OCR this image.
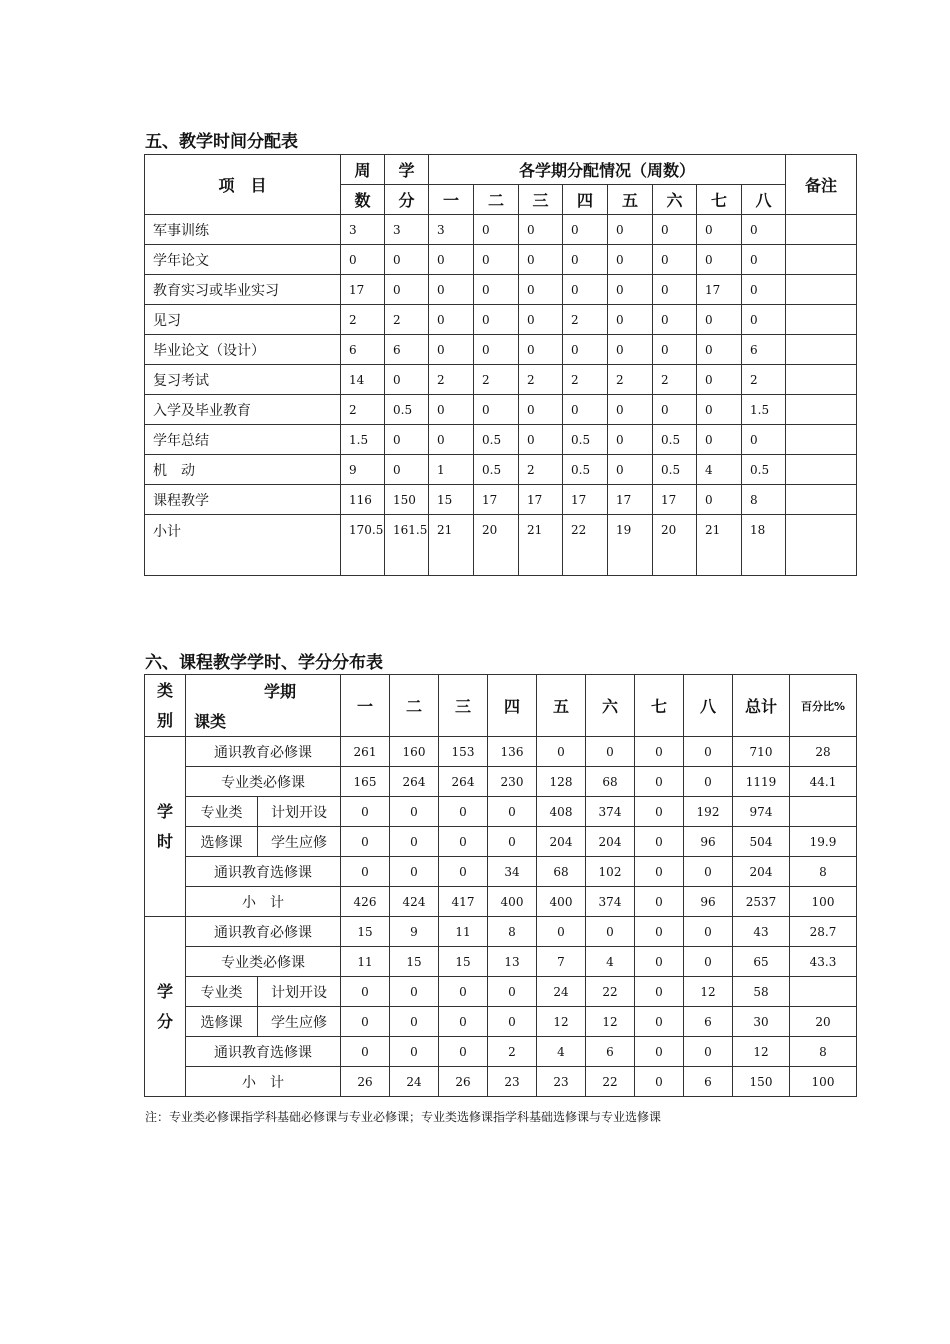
五、教学时间分配表
项　目	周	学	各学期分配情况（周数）								备注
	数	分	一	二	三	四	五	六	七	八	
军事训练	3	3	3	0	0	0	0	0	0	0	
学年论文	0	0	0	0	0	0	0	0	0	0	
教育实习或毕业实习	17	0	0	0	0	0	0	0	17	0	
见习	2	2	0	0	0	2	0	0	0	0	
毕业论文（设计）	6	6	0	0	0	0	0	0	0	6	
复习考试	14	0	2	2	2	2	2	2	0	2	
入学及毕业教育	2	0.5	0	0	0	0	0	0	0	1.5	
学年总结	1.5	0	0	0.5	0	0.5	0	0.5	0	0	
机　动	9	0	1	0.5	2	0.5	0	0.5	4	0.5	
课程教学	116	150	15	17	17	17	17	17	0	8	
小计	170.5	161.5	21	20	21	22	19	20	21	18	
六、课程教学学时、学分分布表
类
别	学期
课类		一	二	三	四	五	六	七	八	总计	百分比%
学
时	通识教育必修课		261	160	153	136	0	0	0	0	710	28
	专业类必修课		165	264	264	230	128	68	0	0	1119	44.1
	专业类	计划开设	0	0	0	0	408	374	0	192	974	
	选修课	学生应修	0	0	0	0	204	204	0	96	504	19.9
	通识教育选修课		0	0	0	34	68	102	0	0	204	8
	小　计		426	424	417	400	400	374	0	96	2537	100
学
分	通识教育必修课		15	9	11	8	0	0	0	0	43	28.7
	专业类必修课		11	15	15	13	7	4	0	0	65	43.3
	专业类	计划开设	0	0	0	0	24	22	0	12	58	
	选修课	学生应修	0	0	0	0	12	12	0	6	30	20
	通识教育选修课		0	0	0	2	4	6	0	0	12	8
	小　计		26	24	26	23	23	22	0	6	150	100

注：专业类必修课指学科基础必修课与专业必修课；专业类选修课指学科基础选修课与专业选修课
